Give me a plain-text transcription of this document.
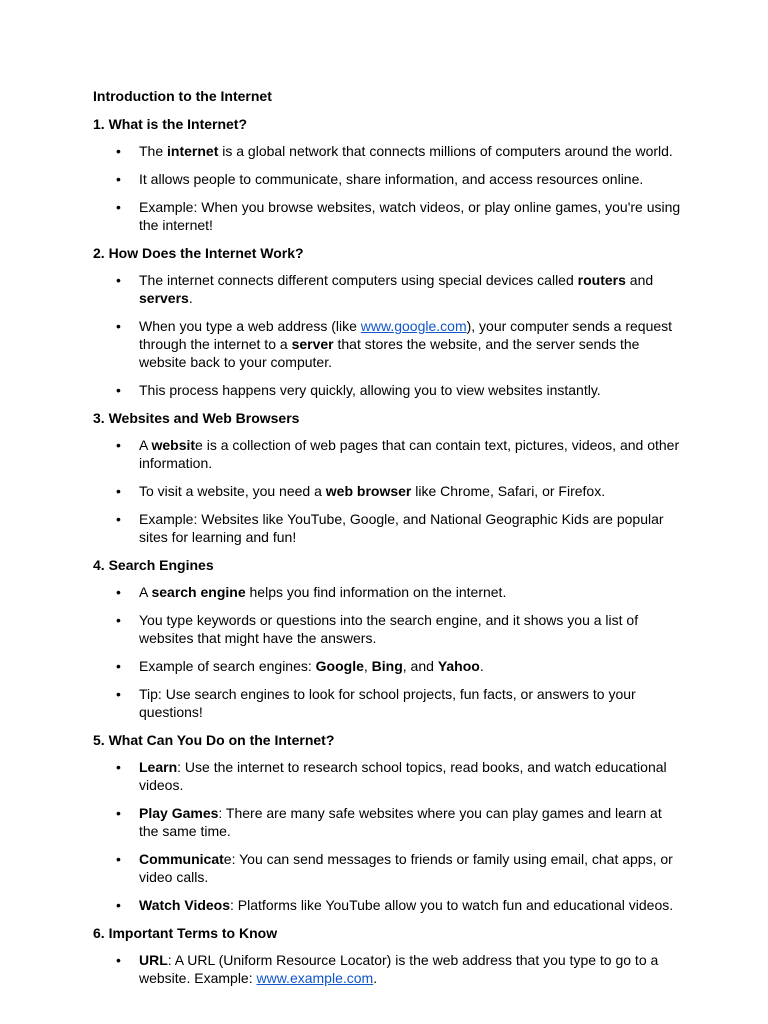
Introduction to the Internet
1. What is the Internet?
• The internet is a global network that connects millions of computers around the world.
• It allows people to communicate, share information, and access resources online.
• Example: When you browse websites, watch videos, or play online games, you're using the internet!
2. How Does the Internet Work?
• The internet connects different computers using special devices called routers and servers.
• When you type a web address (like www.google.com), your computer sends a request through the internet to a server that stores the website, and the server sends the website back to your computer.
• This process happens very quickly, allowing you to view websites instantly.
3. Websites and Web Browsers
• A website is a collection of web pages that can contain text, pictures, videos, and other information.
• To visit a website, you need a web browser like Chrome, Safari, or Firefox.
• Example: Websites like YouTube, Google, and National Geographic Kids are popular sites for learning and fun!
4. Search Engines
• A search engine helps you find information on the internet.
• You type keywords or questions into the search engine, and it shows you a list of websites that might have the answers.
• Example of search engines: Google, Bing, and Yahoo.
• Tip: Use search engines to look for school projects, fun facts, or answers to your questions!
5. What Can You Do on the Internet?
• Learn: Use the internet to research school topics, read books, and watch educational videos.
• Play Games: There are many safe websites where you can play games and learn at the same time.
• Communicate: You can send messages to friends or family using email, chat apps, or video calls.
• Watch Videos: Platforms like YouTube allow you to watch fun and educational videos.
6. Important Terms to Know
• URL: A URL (Uniform Resource Locator) is the web address that you type to go to a website. Example: www.example.com.
